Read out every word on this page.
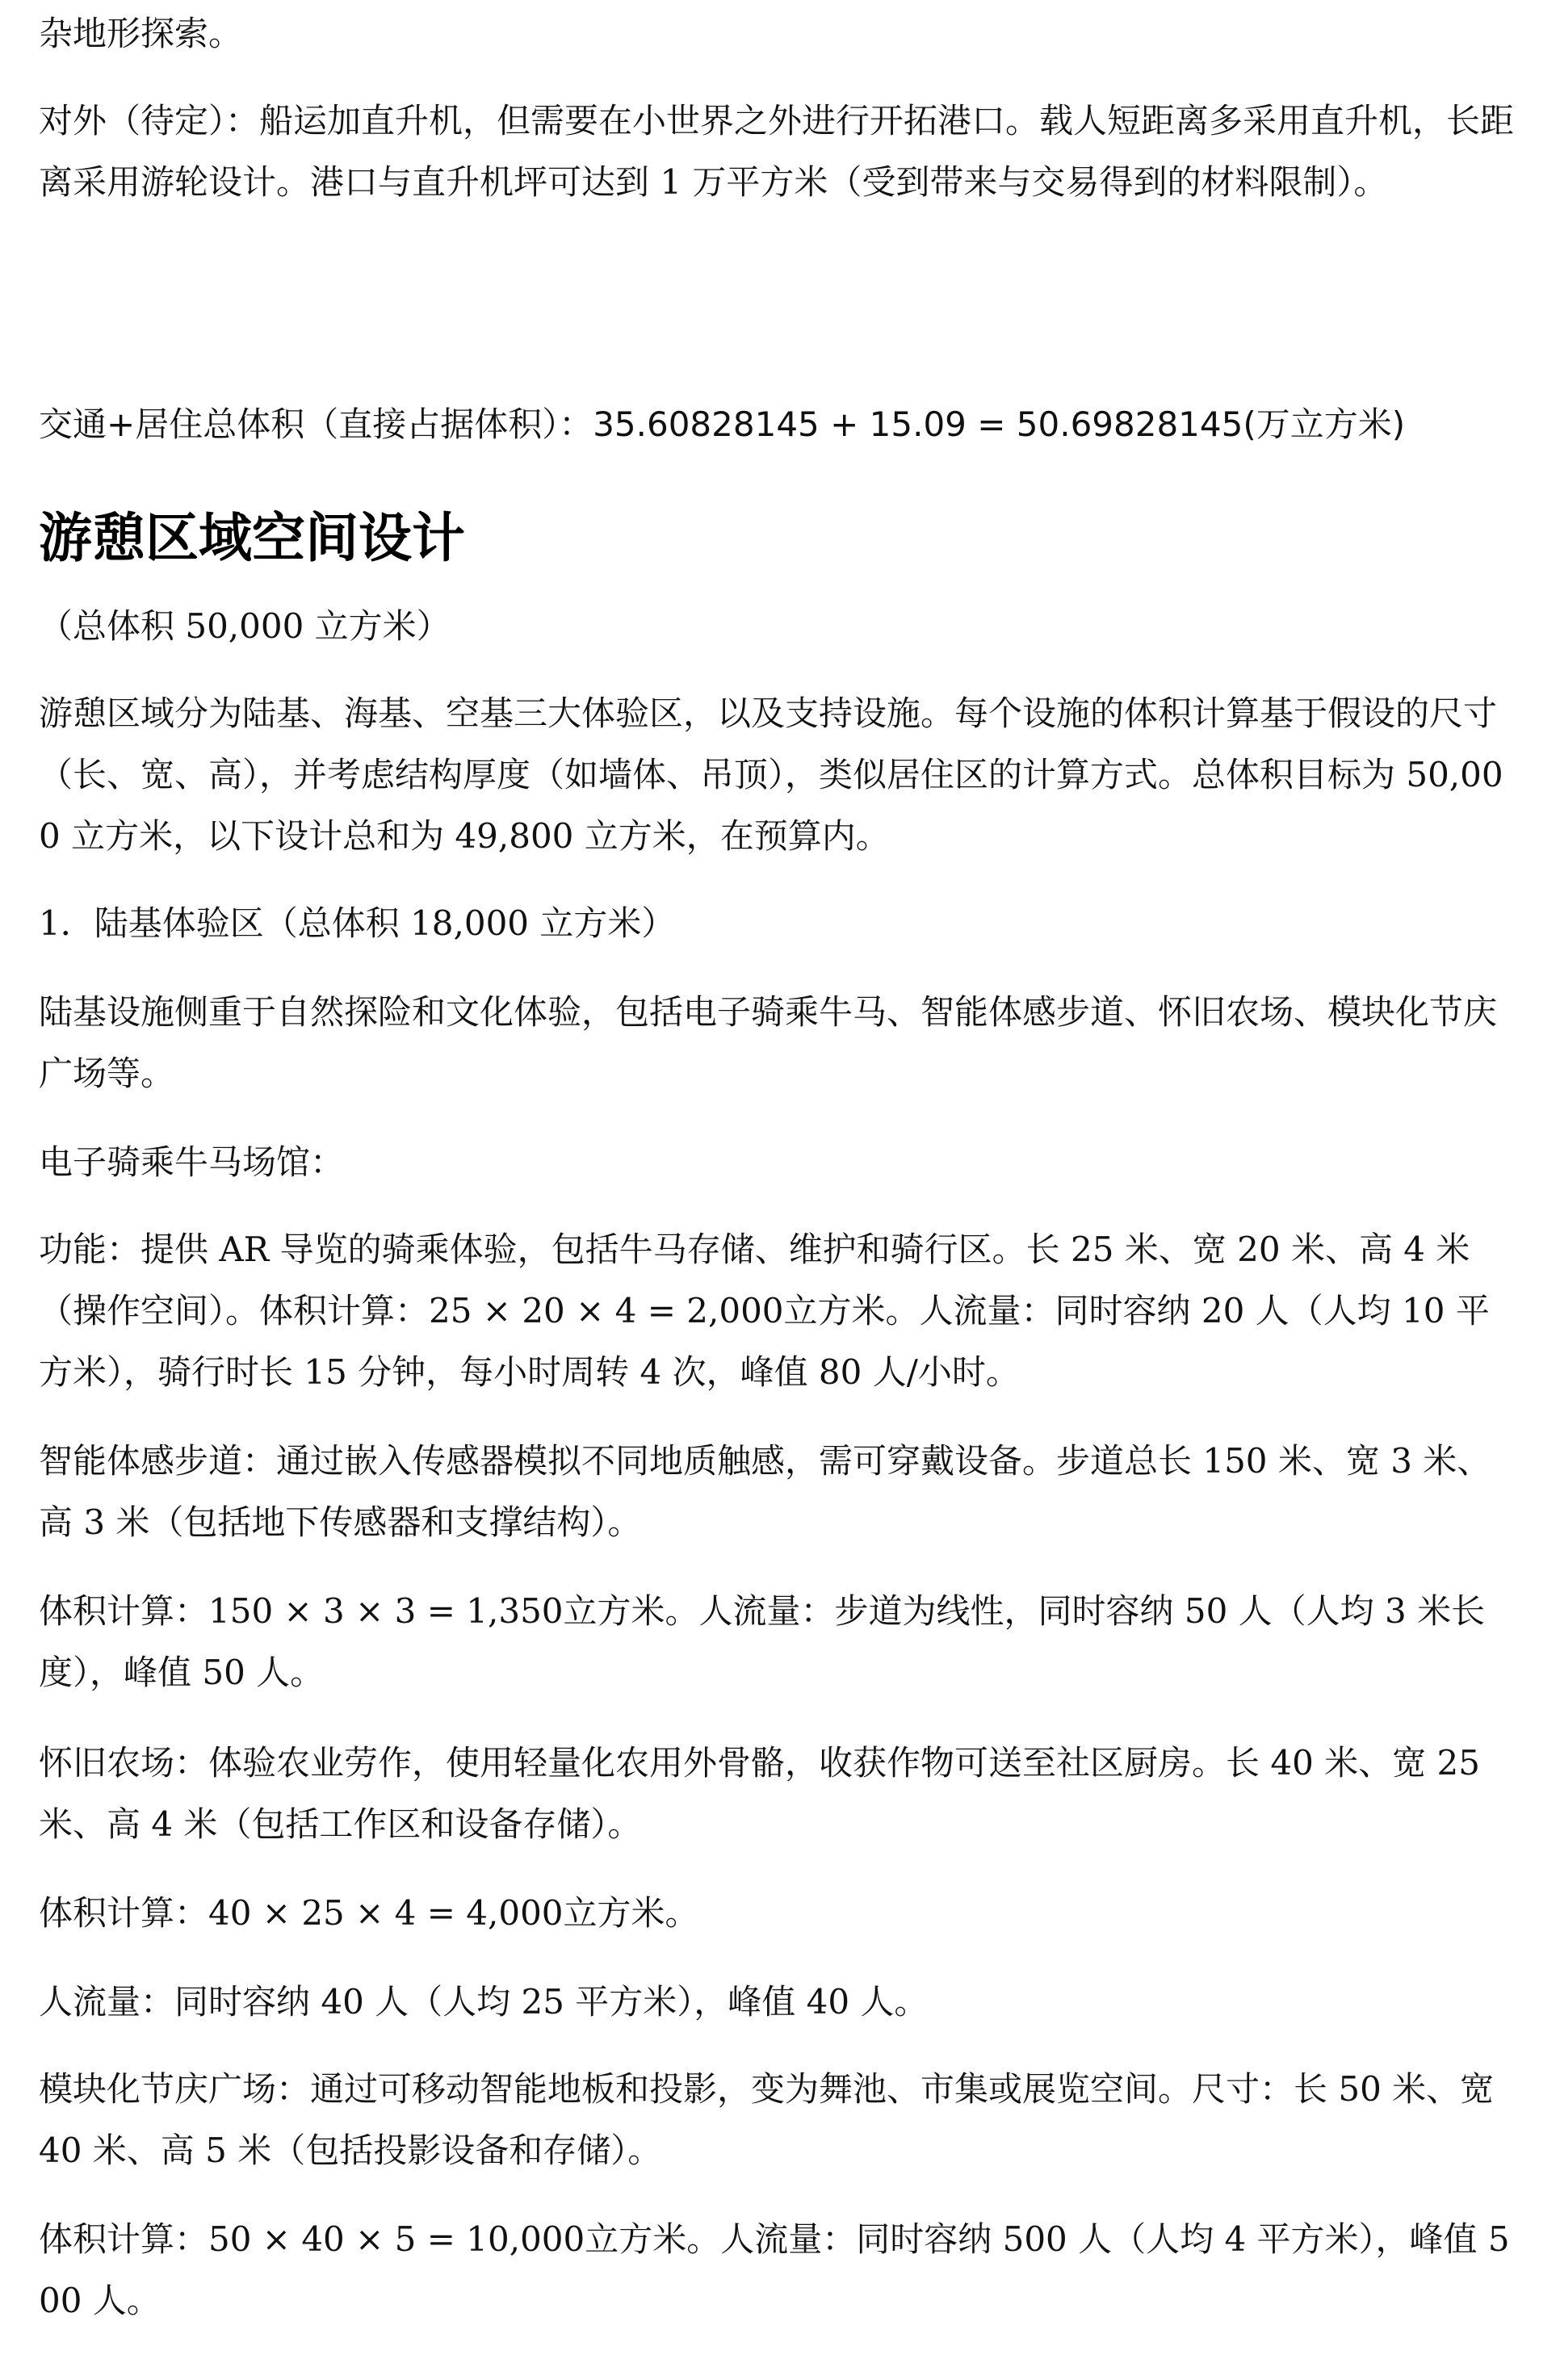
杂地形探索。

对外（待定）：船运加直升机，但需要在小世界之外进行开拓港口。载人短距离多采用直升机，长距离采用游轮设计。港口与直升机坪可达到 1 万平方米（受到带来与交易得到的材料限制）。

交通+居住总体积（直接占据体积）：35.60828145 + 15.09 = 50.69828145(万立方米)

游憩区域空间设计

（总体积 50,000 立方米）

游憩区域分为陆基、海基、空基三大体验区，以及支持设施。每个设施的体积计算基于假设的尺寸（长、宽、高），并考虑结构厚度（如墙体、吊顶），类似居住区的计算方式。总体积目标为 50,000 立方米，以下设计总和为 49,800 立方米，在预算内。

1．陆基体验区（总体积 18,000 立方米）

陆基设施侧重于自然探险和文化体验，包括电子骑乘牛马、智能体感步道、怀旧农场、模块化节庆广场等。

电子骑乘牛马场馆：

功能：提供 AR 导览的骑乘体验，包括牛马存储、维护和骑行区。长 25 米、宽 20 米、高 4 米（操作空间）。体积计算：25 × 20 × 4 = 2,000立方米。人流量：同时容纳 20 人（人均 10 平方米），骑行时长 15 分钟，每小时周转 4 次，峰值 80 人/小时。

智能体感步道：通过嵌入传感器模拟不同地质触感，需可穿戴设备。步道总长 150 米、宽 3 米、高 3 米（包括地下传感器和支撑结构）。

体积计算：150 × 3 × 3 = 1,350立方米。人流量：步道为线性，同时容纳 50 人（人均 3 米长度），峰值 50 人。

怀旧农场：体验农业劳作，使用轻量化农用外骨骼，收获作物可送至社区厨房。长 40 米、宽 25 米、高 4 米（包括工作区和设备存储）。

体积计算：40 × 25 × 4 = 4,000立方米。

人流量：同时容纳 40 人（人均 25 平方米），峰值 40 人。

模块化节庆广场：通过可移动智能地板和投影，变为舞池、市集或展览空间。尺寸：长 50 米、宽 40 米、高 5 米（包括投影设备和存储）。

体积计算：50 × 40 × 5 = 10,000立方米。人流量：同时容纳 500 人（人均 4 平方米），峰值 500 人。
